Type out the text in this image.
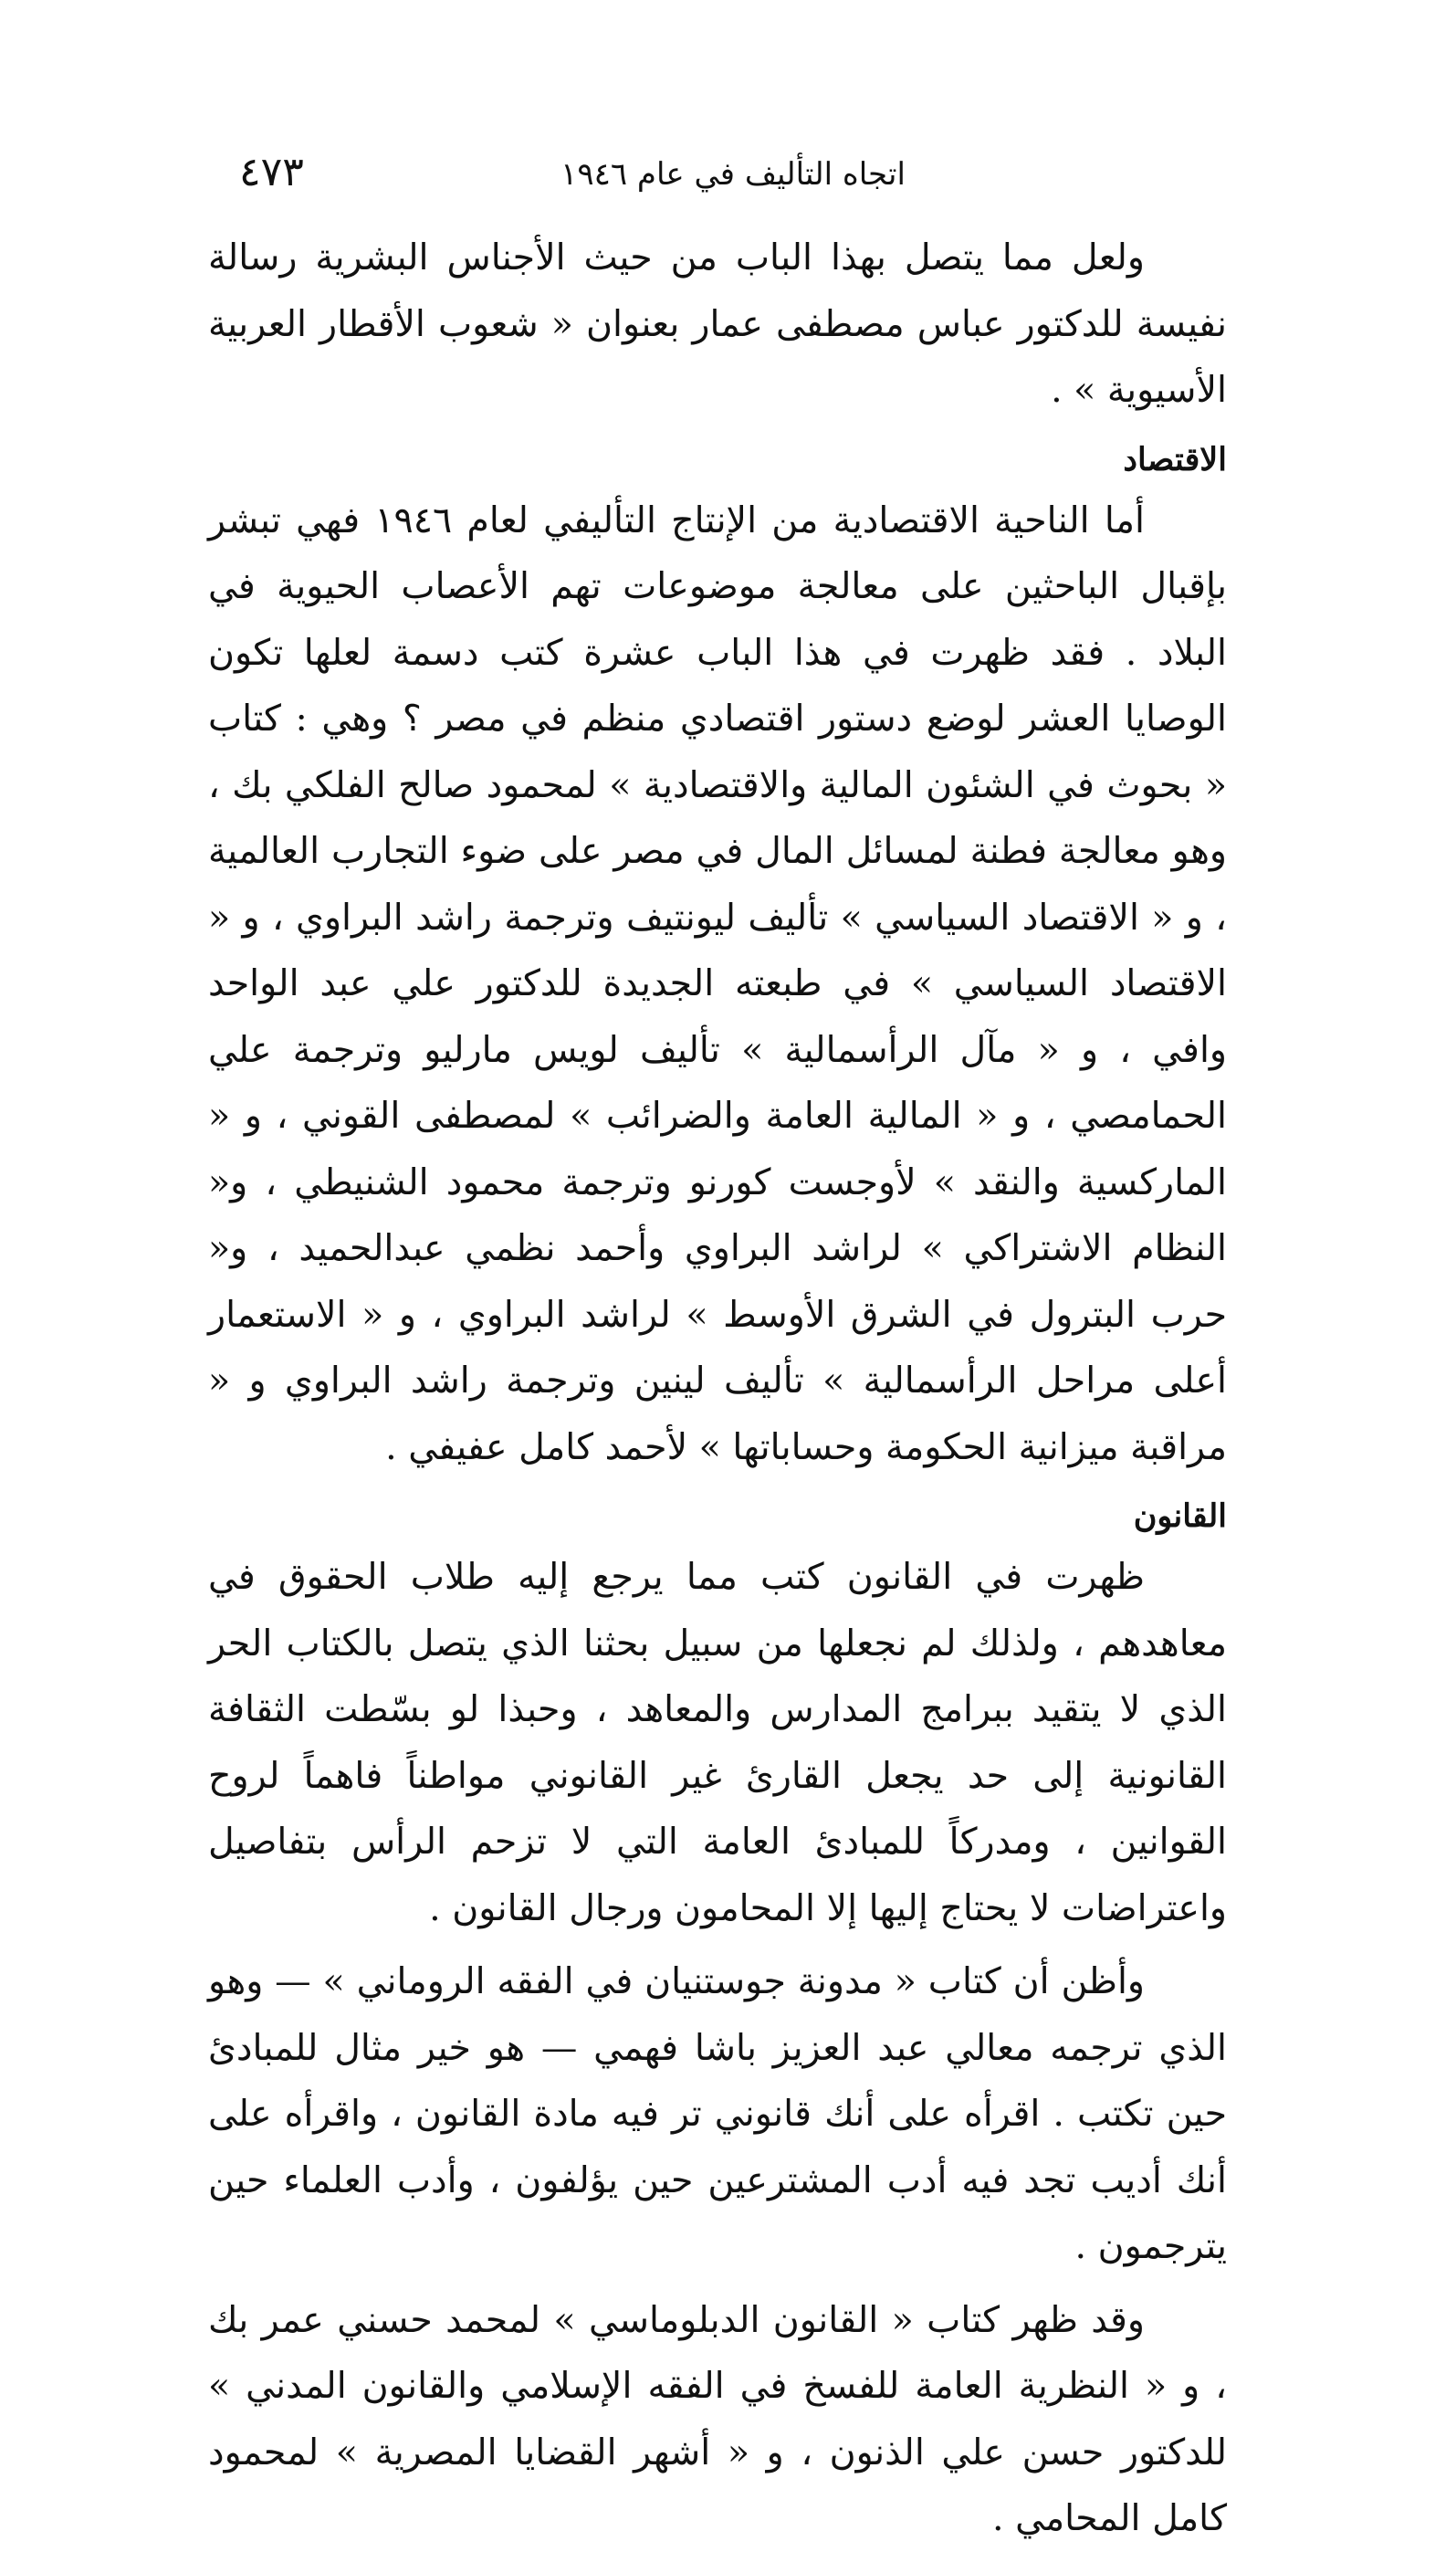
اتجاه التأليف في عام ١٩٤٦
٤٧٣

ولعل مما يتصل بهذا الباب من حيث الأجناس البشرية رسالة نفيسة للدكتور عباس مصطفى عمار بعنوان « شعوب الأقطار العربية الأسيوية » .

الاقتصاد

أما الناحية الاقتصادية من الإنتاج التأليفي لعام ١٩٤٦ فهي تبشر بإقبال الباحثين على معالجة موضوعات تهم الأعصاب الحيوية في البلاد . فقد ظهرت في هذا الباب عشرة كتب دسمة لعلها تكون الوصايا العشر لوضع دستور اقتصادي منظم في مصر ؟ وهي : كتاب « بحوث في الشئون المالية والاقتصادية » لمحمود صالح الفلكي بك ، وهو معالجة فطنة لمسائل المال في مصر على ضوء التجارب العالمية ، و « الاقتصاد السياسي » تأليف ليونتيف وترجمة راشد البراوي ، و « الاقتصاد السياسي » في طبعته الجديدة للدكتور علي عبد الواحد وافي ، و « مآل الرأسمالية » تأليف لويس مارليو وترجمة علي الحمامصي ، و « المالية العامة والضرائب » لمصطفى القوني ، و « الماركسية والنقد » لأوجست كورنو وترجمة محمود الشنيطي ، و« النظام الاشتراكي » لراشد البراوي وأحمد نظمي عبدالحميد ، و« حرب البترول في الشرق الأوسط » لراشد البراوي ، و « الاستعمار أعلى مراحل الرأسمالية » تأليف لينين وترجمة راشد البراوي و « مراقبة ميزانية الحكومة وحساباتها » لأحمد كامل عفيفي .

القانون

ظهرت في القانون كتب مما يرجع إليه طلاب الحقوق في معاهدهم ، ولذلك لم نجعلها من سبيل بحثنا الذي يتصل بالكتاب الحر الذي لا يتقيد ببرامج المدارس والمعاهد ، وحبذا لو بسّطت الثقافة القانونية إلى حد يجعل القارئ غير القانوني مواطناً فاهماً لروح القوانين ، ومدركاً للمبادئ العامة التي لا تزحم الرأس بتفاصيل واعتراضات لا يحتاج إليها إلا المحامون ورجال القانون .

وأظن أن كتاب « مدونة جوستنيان في الفقه الروماني » — وهو الذي ترجمه معالي عبد العزيز باشا فهمي — هو خير مثال للمبادئ حين تكتب . اقرأه على أنك قانوني تر فيه مادة القانون ، واقرأه على أنك أديب تجد فيه أدب المشترعين حين يؤلفون ، وأدب العلماء حين يترجمون .

وقد ظهر كتاب « القانون الدبلوماسي » لمحمد حسني عمر بك ، و « النظرية العامة للفسخ في الفقه الإسلامي والقانون المدني » للدكتور حسن علي الذنون ، و « أشهر القضايا المصرية » لمحمود كامل المحامي .
